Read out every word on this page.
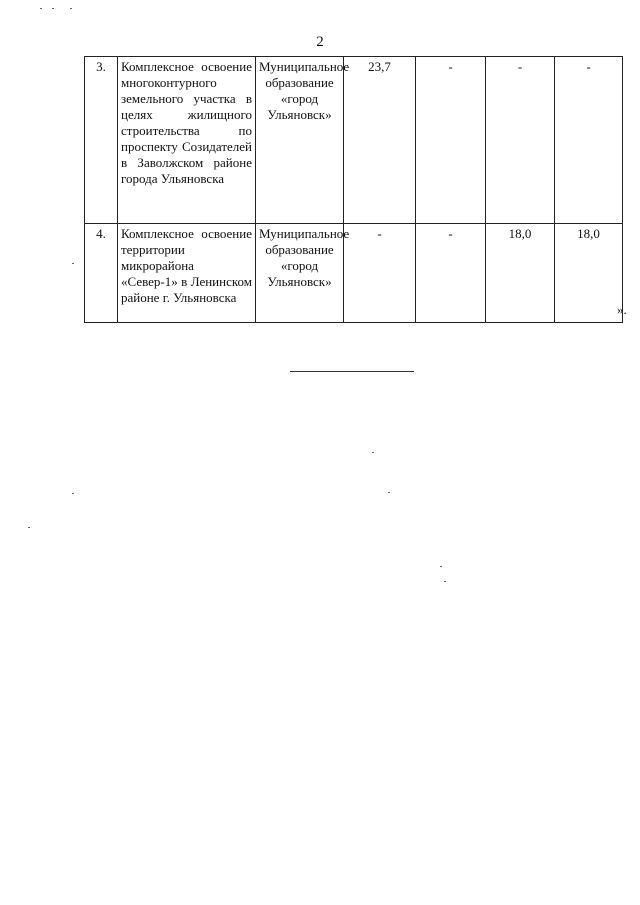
2
3.	Комплексное освоение многоконтурного земельного участка в целях жилищного строительства по проспекту Созидателей в Заволжском районе города Ульяновска	Муниципальное образование «город Ульяновск»	23,7	-	-	-
4.	Комплексное освоение территории микрорайона «Север-1» в Ленинском районе г. Ульяновска	Муниципальное образование «город Ульяновск»	-	-	18,0	18,0
».
